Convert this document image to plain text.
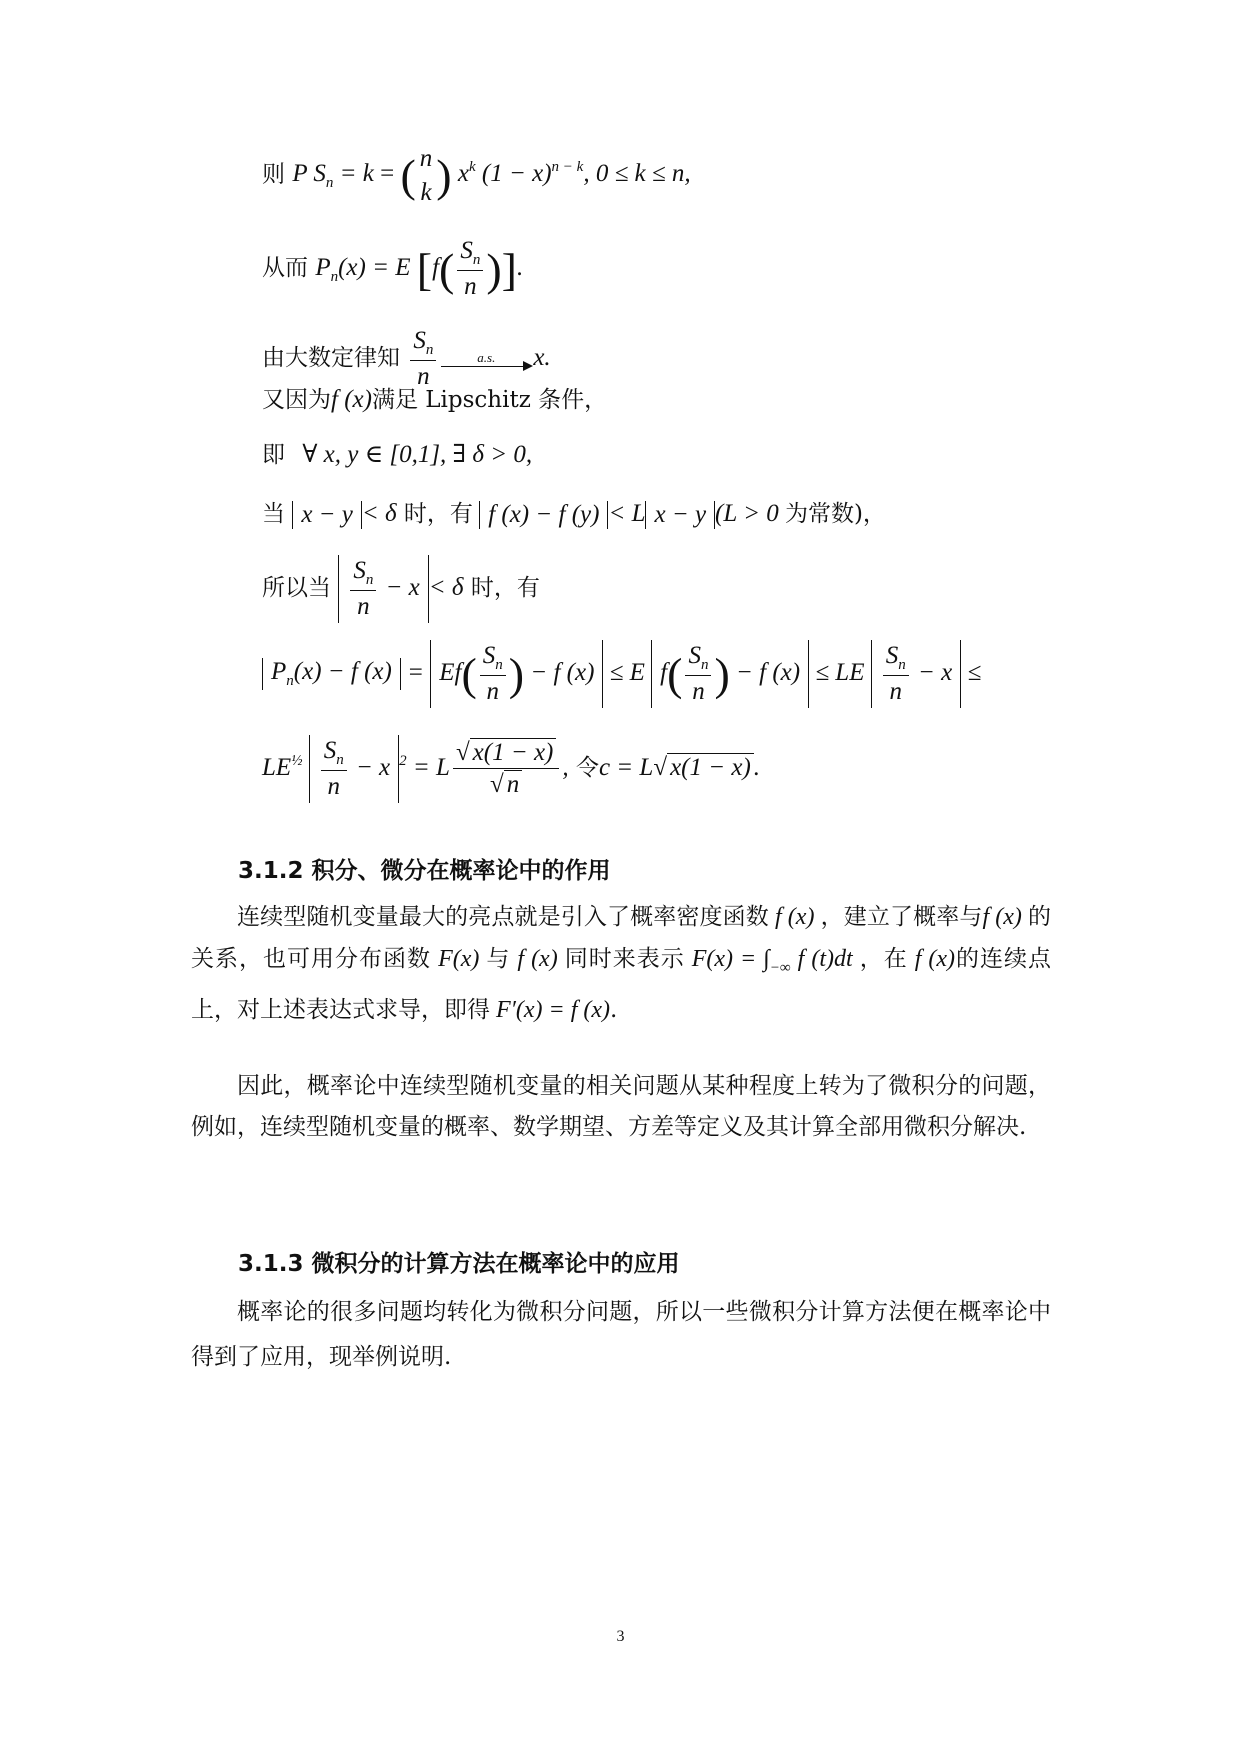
则 P $S_n = k$ = ( n
k ) $x^k$ $(1 - x)^{n - k}$, 0 ≤ k ≤ n,
从而 $P_n(x) = E$ [$f( \frac{S_n}{n}$ )].
由大数定律知 $\frac{S_n}{n}$	a.s.	x.
又因为f (x)满足 Lipschitz 条件，
即 ∀ x, y ∈ [0,1], ∃ δ > 0,
当 x − y < δ 时，有 f (x) − f (y) < L x − y (L > 0 为常数)，
所以当 $\frac{S_n}{n} - x < \delta$ 时，有
$P_n(x) - f$ $(x) = Ef( \frac{S_n}{n}$ ) − f (x) ≤ E $f( \frac{S_n}{n}$ ) − f (x) ≤ LE $\frac{S_n}{n} - x$ ≤
$LE^{\frac{1}{2}} \frac{S_n}{n} - x$ $^2$ = L $\frac{√ x(1 - x)}{√ n}$ , 令c = L√ x(1 − x) .
3.1.2 积分、微分在概率论中的作用
连续型随机变量最大的亮点就是引入了概率密度函数 f (x) ，建立了概率与f (x) 的关系，也可用分布函数 F(x) 与 f (x) 同时来表示 $F(x) = \int_{-\infty}$ f (t)dt ，在 f (x)的连续点上，对上述表达式求导，即得 F′(x) = f (x).
因此，概率论中连续型随机变量的相关问题从某种程度上转为了微积分的问题，例如，连续型随机变量的概率、数学期望、方差等定义及其计算全部用微积分解决.
3.1.3 微积分的计算方法在概率论中的应用
概率论的很多问题均转化为微积分问题，所以一些微积分计算方法便在概率论中得到了应用，现举例说明.
3
